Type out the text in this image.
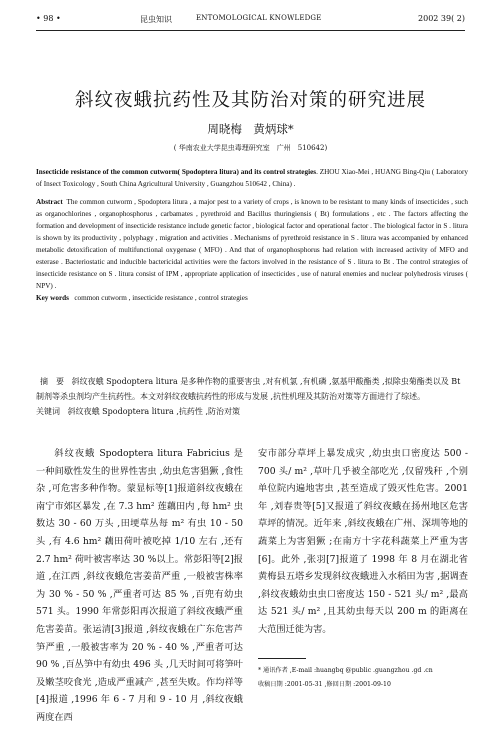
• 98 •	昆虫知识	ENTOMOLOGICAL KNOWLEDGE	2002 39( 2)
斜纹夜蛾抗药性及其防治对策的研究进展
周晓梅　黄炳球*
( 华南农业大学昆虫毒理研究室　广州　510642)

Insecticide resistance of the common cutworm( Spodoptera litura) and its control strategies. ZHOU Xiao-Mei , HUANG Bing-Qiu ( Laboratory of Insect Toxicology , South China Agricultural University , Guangzhou 510642 , China) .

Abstract The common cutworm , Spodoptera litura , a major pest to a variety of crops , is known to be resistant to many kinds of insecticides , such as organochlorines , organophosphorus , carbamates , pyrethroid and Bacillus thuringiensis ( Bt) formulations , etc . The factors affecting the formation and development of insecticide resistance include genetic factor , biological factor and operational factor . The biological factor in S . litura is shown by its productivity , polyphagy , migration and activities . Mechanisms of pyrethroid resistance in S . litura was accompanied by enhanced metabolic detoxification of multifunctional oxygenase ( MFO) . And that of organophosphorus had relation with increased activity of MFO and esterase . Bacteriostatic and inducible bactericidal activities were the factors involved in the resistance of S . litura to Bt . The control strategies of insecticide resistance on S . litura consist of IPM , appropriate application of insecticides , use of natural enemies and nuclear polyhedrosis viruses ( NPV) .

Key words common cutworm , insecticide resistance , control strategies

摘　要 斜纹夜蛾 Spodoptera litura 是多种作物的重要害虫 ,对有机氯 ,有机磷 ,氨基甲酸酯类 ,拟除虫菊酯类以及 Bt 制剂等杀虫剂均产生抗药性。本文对斜纹夜蛾抗药性的形成与发展 ,抗性机理及其防治对策等方面进行了综述。
关键词 斜纹夜蛾 Spodoptera litura ,抗药性 ,防治对策

斜纹夜蛾 Spodoptera litura Fabricius 是一种间歇性发生的世界性害虫 ,幼虫危害猖獗 ,食性杂 ,可危害多种作物。蒙显标等[1]报道斜纹夜蛾在南宁市郊区暴发 ,在 7.3 hm² 莲藕田内 ,每 hm² 虫数达 30 - 60 万头 ,田埂草丛每 m² 有虫 10 - 50 头 ,有 4.6 hm² 藕田荷叶被吃掉 1/10 左右 ,还有 2.7 hm² 荷叶被害率达 30 %以上。常彭阳等[2]报道 ,在江西 ,斜纹夜蛾危害姜苗严重 ,一般被害株率为 30 % - 50 % ,严重者可达 85 % ,百兜有幼虫 571 头。1990 年常彭阳再次报道了斜纹夜蛾严重危害姜苗。张运清[3]报道 ,斜纹夜蛾在广东危害芦笋严重 ,一般被害率为 20 % - 40 % ,严重者可达 90 % ,百丛笋中有幼虫 496 头 ,几天时间可将笋叶及嫩茎咬食光 ,造成严重减产 ,甚至失败。作均祥等[4]报道 ,1996 年 6 - 7 月和 9 - 10 月 ,斜纹夜蛾两度在西

安市部分草坪上暴发成灾 ,幼虫虫口密度达 500 - 700 头/ m² ,草叶几乎被全部吃光 ,仅留残秆 ,个别单位院内遍地害虫 ,甚至造成了毁灭性危害。2001 年 ,刘春贵等[5]又报道了斜纹夜蛾在扬州地区危害草坪的情况。近年来 ,斜纹夜蛾在广州、深圳等地的蔬菜上为害猖獗 ;在南方十字花科蔬菜上严重为害[6]。此外 ,张羽[7]报道了 1998 年 8 月在湖北省黄梅县五塔乡发现斜纹夜蛾进入水稻田为害 ,据调查 ,斜纹夜蛾幼虫虫口密度达 150 - 521 头/ m² ,最高达 521 头/ m² ,且其幼虫每天以 200 m 的距离在大范围迁徙为害。

* 通讯作者 ,E-mail :huangbq @public .guangzhou .gd .cn
收稿日期 :2001-05-31 ,修回日期 :2001-09-10
